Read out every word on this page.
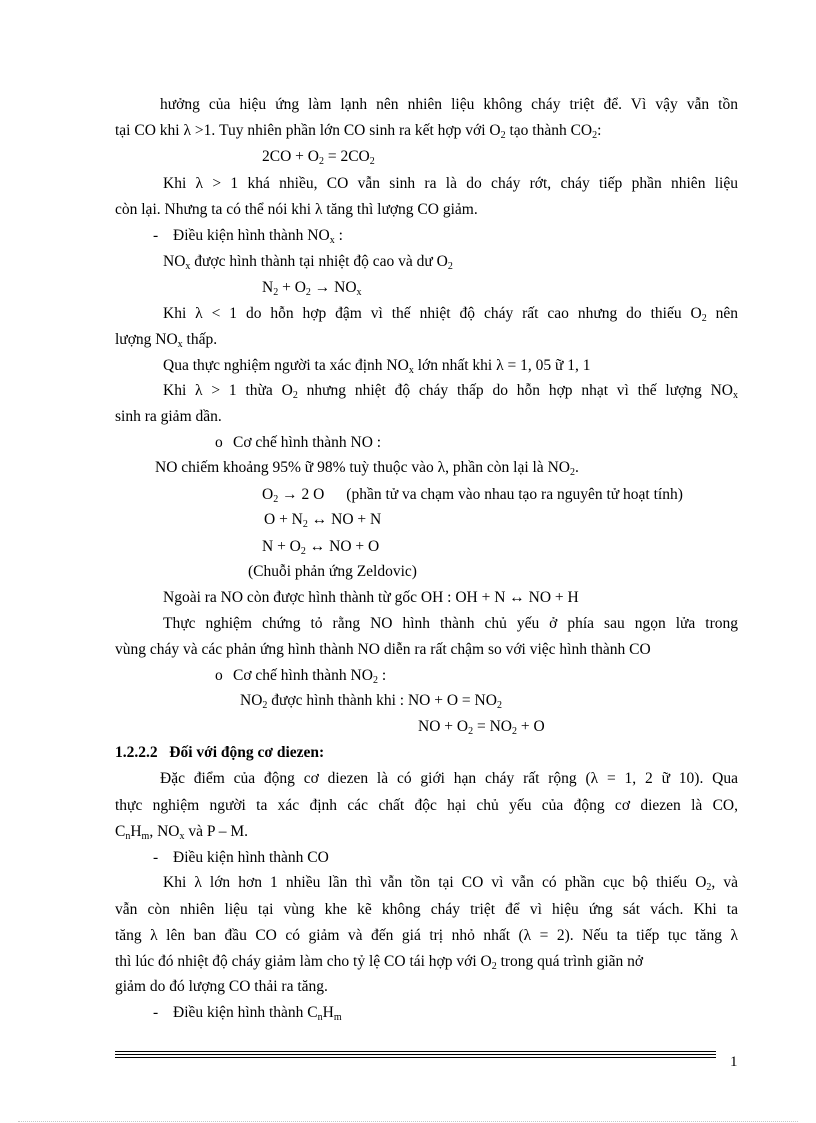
hưởng của hiệu ứng làm lạnh nên nhiên liệu không cháy triệt để. Vì vậy vẫn tồn
tại CO khi λ >1. Tuy nhiên phần lớn CO sinh ra kết hợp với $O_2$ tạo thành $CO_2$:
$2CO + O_2 = 2CO_2$
Khi λ > 1 khá nhiều, CO vẫn sinh ra là do cháy rớt, cháy tiếp phần nhiên liệu
còn lại. Nhưng ta có thể nói khi λ tăng thì lượng CO giảm.
- Điều kiện hình thành $NO_x$ :
$NO_x$ được hình thành tại nhiệt độ cao và dư $O_2$
$N_2 + O_2 \to NO_x$
Khi λ < 1 do hỗn hợp đậm vì thế nhiệt độ cháy rất cao nhưng do thiếu $O_2$ nên
lượng $NO_x$ thấp.
Qua thực nghiệm người ta xác định $NO_x$ lớn nhất khi λ = 1, 05 ữ 1, 1
Khi λ > 1 thừa $O_2$ nhưng nhiệt độ cháy thấp do hỗn hợp nhạt vì thế lượng $NO_x$
sinh ra giảm dần.
o Cơ chế hình thành NO :
NO chiếm khoảng 95% ữ 98% tuỳ thuộc vào λ, phần còn lại là $NO_2$.
$O_2 \to 2$ O (phần tử va chạm vào nhau tạo ra nguyên tử hoạt tính)
$O + N_2$ ↔ NO + N
$N + O_2$ ↔ NO + O
(Chuỗi phản ứng Zeldovic)
Ngoài ra NO còn được hình thành từ gốc OH : OH + N ↔ NO + H
Thực nghiệm chứng tỏ rằng NO hình thành chủ yếu ở phía sau ngọn lửa trong
vùng cháy và các phản ứng hình thành NO diễn ra rất chậm so với việc hình thành CO
o Cơ chế hình thành $NO_2$ :
$NO_2$ được hình thành khi : NO + $O = NO_2$
NO + $O_2 = NO_2 + O$
1.2.2.2   Đối với động cơ diezen:
Đặc điểm của động cơ diezen là có giới hạn cháy rất rộng (λ = 1, 2 ữ 10). Qua
thực nghiệm người ta xác định các chất độc hại chủ yếu của động cơ diezen là CO,
$C_nH_m$, $NO_x$ và P – M.
- Điều kiện hình thành CO
Khi λ lớn hơn 1 nhiều lần thì vẫn tồn tại CO vì vẫn có phần cục bộ thiếu $O_2$, và
vẫn còn nhiên liệu tại vùng khe kẽ không cháy triệt để vì hiệu ứng sát vách. Khi ta
tăng λ lên ban đầu CO có giảm và đến giá trị nhỏ nhất (λ = 2). Nếu ta tiếp tục tăng λ
thì lúc đó nhiệt độ cháy giảm làm cho tỷ lệ CO tái hợp với $O_2$ trong quá trình giãn nở
giảm do đó lượng CO thải ra tăng.
- Điều kiện hình thành $C_nH_m$
1
